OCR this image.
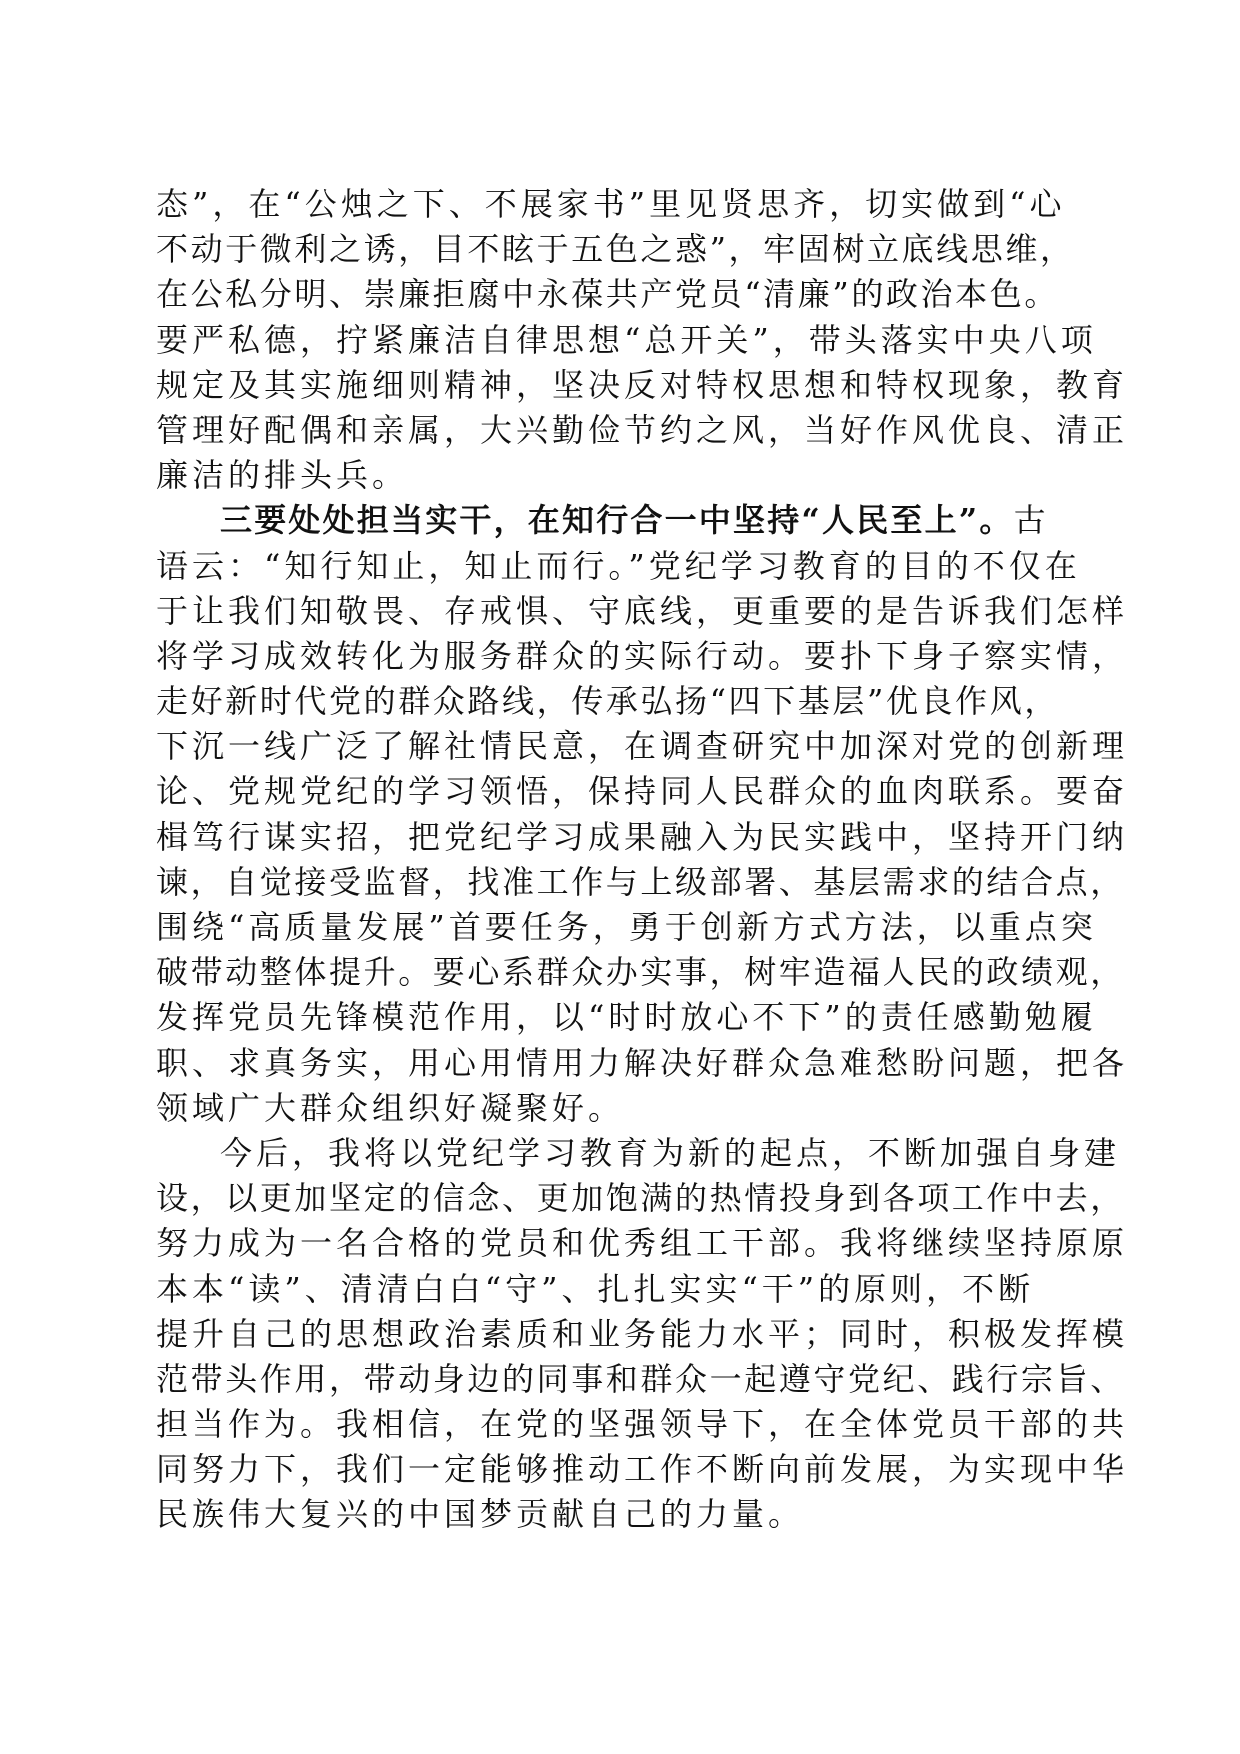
态”，在“公烛之下、不展家书”里见贤思齐，切实做到“心
不动于微利之诱，目不眩于五色之惑”，牢固树立底线思维，
在公私分明、崇廉拒腐中永葆共产党员“清廉”的政治本色。
要严私德，拧紧廉洁自律思想“总开关”，带头落实中央八项
规定及其实施细则精神，坚决反对特权思想和特权现象，教育
管理好配偶和亲属，大兴勤俭节约之风，当好作风优良、清正
廉洁的排头兵。
三要处处担当实干，在知行合一中坚持“人民至上”。古
语云：“知行知止，知止而行。”党纪学习教育的目的不仅在
于让我们知敬畏、存戒惧、守底线，更重要的是告诉我们怎样
将学习成效转化为服务群众的实际行动。要扑下身子察实情，
走好新时代党的群众路线，传承弘扬“四下基层”优良作风，
下沉一线广泛了解社情民意，在调查研究中加深对党的创新理
论、党规党纪的学习领悟，保持同人民群众的血肉联系。要奋
楫笃行谋实招，把党纪学习成果融入为民实践中，坚持开门纳
谏，自觉接受监督，找准工作与上级部署、基层需求的结合点，
围绕“高质量发展”首要任务，勇于创新方式方法，以重点突
破带动整体提升。要心系群众办实事，树牢造福人民的政绩观，
发挥党员先锋模范作用，以“时时放心不下”的责任感勤勉履
职、求真务实，用心用情用力解决好群众急难愁盼问题，把各
领域广大群众组织好凝聚好。
今后，我将以党纪学习教育为新的起点，不断加强自身建
设，以更加坚定的信念、更加饱满的热情投身到各项工作中去，
努力成为一名合格的党员和优秀组工干部。我将继续坚持原原
本本“读”、清清白白“守”、扎扎实实“干”的原则，不断
提升自己的思想政治素质和业务能力水平；同时，积极发挥模
范带头作用，带动身边的同事和群众一起遵守党纪、践行宗旨、
担当作为。我相信，在党的坚强领导下，在全体党员干部的共
同努力下，我们一定能够推动工作不断向前发展，为实现中华
民族伟大复兴的中国梦贡献自己的力量。
